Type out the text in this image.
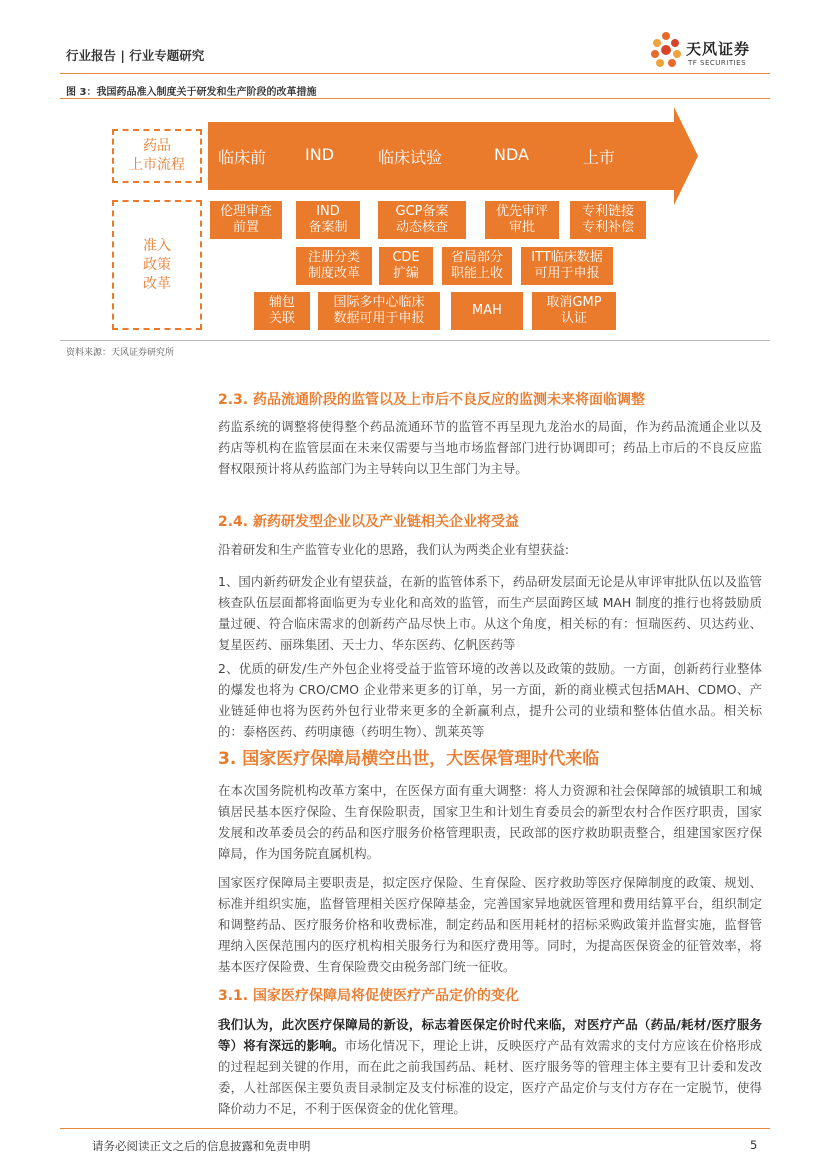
行业报告 | 行业专题研究	天风证券
TF SECURITIES
图 3：我国药品准入制度关于研发和生产阶段的改革措施
临床前 IND	临床试验	NDA	上市
药品
上市流程
准入
政策
改革
伦理审查
前置
IND
备案制
GCP备案
动态核查
优先审评
审批
专利链接
专利补偿
注册分类
制度改革
CDE
扩编
省局部分
职能上收
ITT临床数据
可用于申报
辅包
关联
国际多中心临床
数据可用于申报
MAH
取消GMP
认证
资料来源：天风证券研究所
2.3. 药品流通阶段的监管以及上市后不良反应的监测未来将面临调整
药监系统的调整将使得整个药品流通环节的监管不再呈现九龙治水的局面，作为药品流通企业以及药店等机构在监管层面在未来仅需要与当地市场监督部门进行协调即可；药品上市后的不良反应监督权限预计将从药监部门为主导转向以卫生部门为主导。
2.4. 新药研发型企业以及产业链相关企业将受益
沿着研发和生产监管专业化的思路，我们认为两类企业有望获益:
1、国内新药研发企业有望获益，在新的监管体系下，药品研发层面无论是从审评审批队伍以及监管核查队伍层面都将面临更为专业化和高效的监管，而生产层面跨区域 MAH 制度的推行也将鼓励质量过硬、符合临床需求的创新药产品尽快上市。从这个角度，相关标的有：恒瑞医药、贝达药业、复星医药、丽珠集团、天士力、华东医药、亿帆医药等
2、优质的研发/生产外包企业将受益于监管环境的改善以及政策的鼓励。一方面，创新药行业整体的爆发也将为 CRO/CMO 企业带来更多的订单，另一方面，新的商业模式包括MAH、CDMO、产业链延伸也将为医药外包行业带来更多的全新赢利点，提升公司的业绩和整体估值水品。相关标的：泰格医药、药明康德（药明生物）、凯莱英等
3. 国家医疗保障局横空出世，大医保管理时代来临
在本次国务院机构改革方案中，在医保方面有重大调整：将人力资源和社会保障部的城镇职工和城镇居民基本医疗保险、生育保险职责，国家卫生和计划生育委员会的新型农村合作医疗职责，国家发展和改革委员会的药品和医疗服务价格管理职责，民政部的医疗救助职责整合，组建国家医疗保障局，作为国务院直属机构。
国家医疗保障局主要职责是，拟定医疗保险、生育保险、医疗救助等医疗保障制度的政策、规划、标准并组织实施，监督管理相关医疗保障基金，完善国家异地就医管理和费用结算平台，组织制定和调整药品、医疗服务价格和收费标准，制定药品和医用耗材的招标采购政策并监督实施，监督管理纳入医保范围内的医疗机构相关服务行为和医疗费用等。同时，为提高医保资金的征管效率，将基本医疗保险费、生育保险费交由税务部门统一征收。
3.1. 国家医疗保障局将促使医疗产品定价的变化
我们认为，此次医疗保障局的新设，标志着医保定价时代来临，对医疗产品（药品/耗材/医疗服务等）将有深远的影响。市场化情况下，理论上讲，反映医疗产品有效需求的支付方应该在价格形成的过程起到关键的作用，而在此之前我国药品、耗材、医疗服务等的管理主体主要有卫计委和发改委，人社部医保主要负责目录制定及支付标准的设定，医疗产品定价与支付方存在一定脱节，使得降价动力不足，不利于医保资金的优化管理。
请务必阅读正文之后的信息披露和免责申明	5
